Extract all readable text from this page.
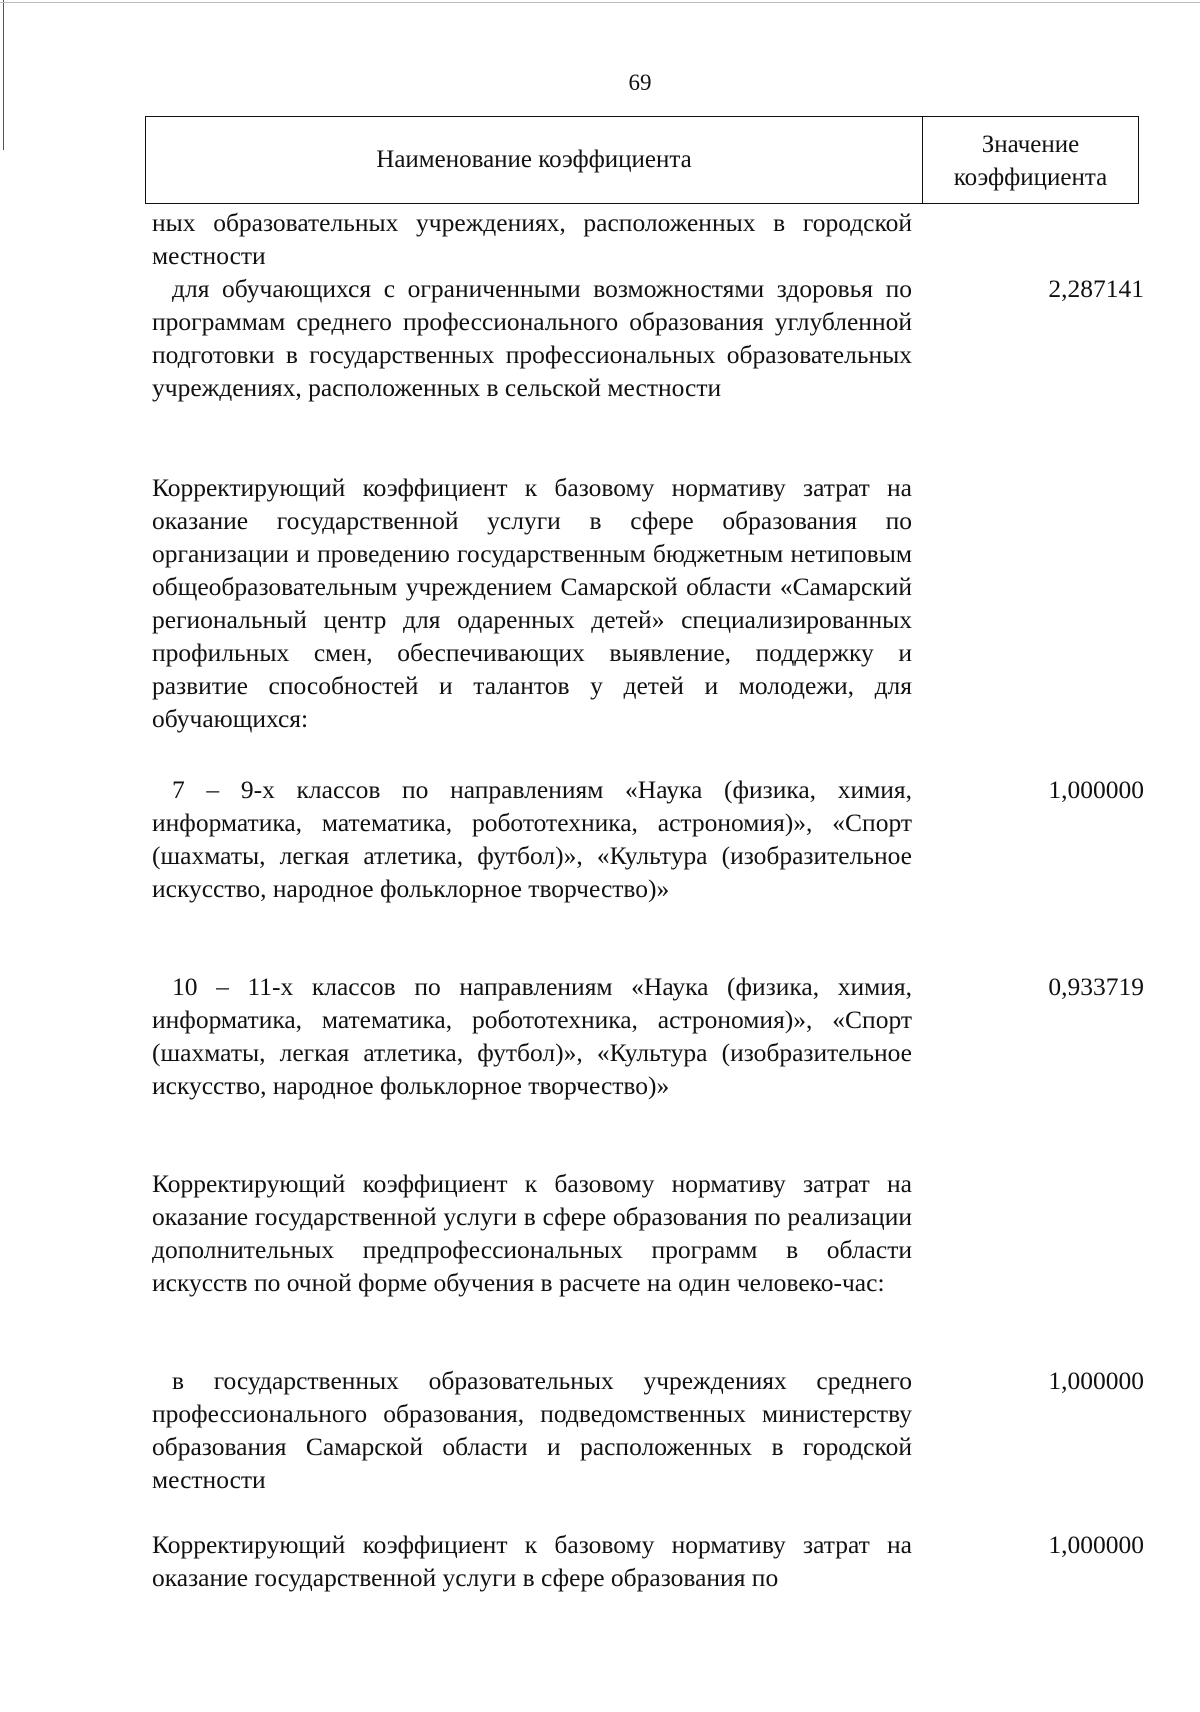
69
Наименование коэффициента
Значение
коэффициента
ных образовательных учреждениях, расположенных в городской местности
для обучающихся с ограниченными возможностями здоровья по программам среднего профессионального образования углубленной подготовки в государственных профессиональных образовательных учреждениях, расположенных в сельской местности
2,287141
Корректирующий коэффициент к базовому нормативу затрат на оказание государственной услуги в сфере образования по организации и проведению государственным бюджетным нетиповым общеобразовательным учреждением Самарской области «Самарский региональный центр для одаренных детей» специализированных профильных смен, обеспечивающих выявление, поддержку и развитие способностей и талантов у детей и молодежи, для обучающихся:
7 – 9-х классов по направлениям «Наука (физика, химия, информатика, математика, робототехника, астрономия)», «Спорт (шахматы, легкая атлетика, футбол)», «Культура (изобразительное искусство, народное фольклорное творчество)»
1,000000
10 – 11-х классов по направлениям «Наука (физика, химия, информатика, математика, робототехника, астрономия)», «Спорт (шахматы, легкая атлетика, футбол)», «Культура (изобразительное искусство, народное фольклорное творчество)»
0,933719
Корректирующий коэффициент к базовому нормативу затрат на оказание государственной услуги в сфере образования по реализации дополнительных предпрофессиональных программ в области искусств по очной форме обучения в расчете на один человеко-час:
в государственных образовательных учреждениях среднего профессионального образования, подведомственных министерству образования Самарской области и расположенных в городской местности
1,000000
Корректирующий коэффициент к базовому нормативу затрат на оказание государственной услуги в сфере образования по
1,000000
